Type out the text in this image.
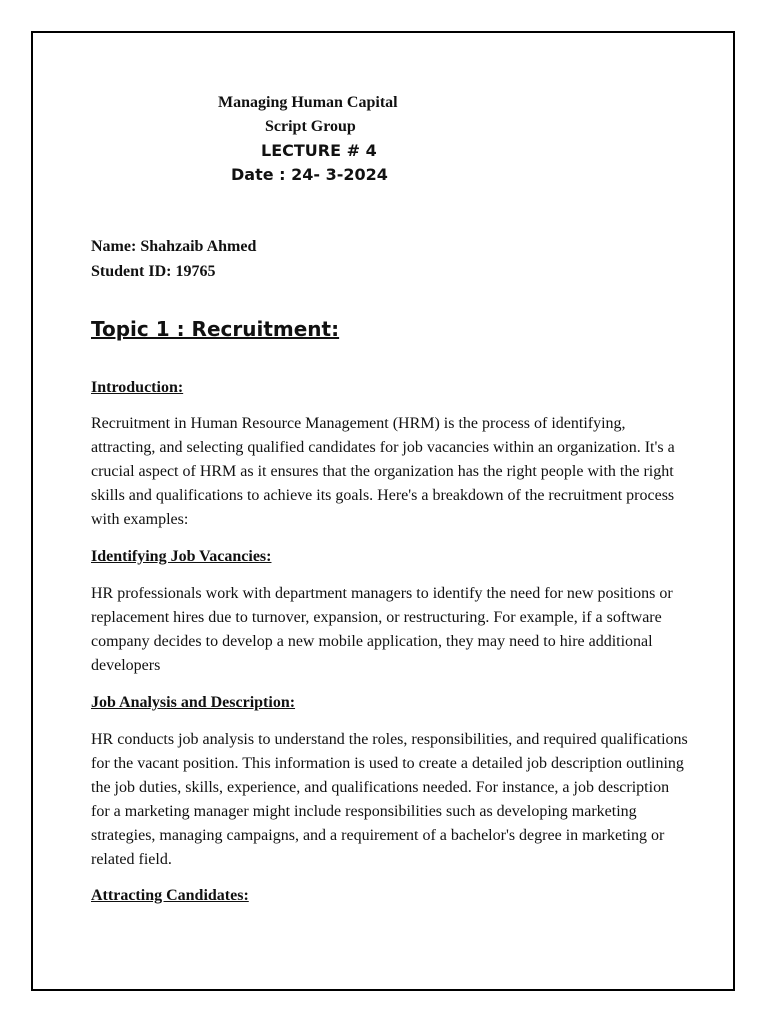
Managing Human Capital
Script Group
LECTURE # 4
Date : 24- 3-2024
Name: Shahzaib Ahmed
Student ID: 19765
Topic 1 : Recruitment:
Introduction:
Recruitment in Human Resource Management (HRM) is the process of identifying, attracting, and selecting qualified candidates for job vacancies within an organization. It's a crucial aspect of HRM as it ensures that the organization has the right people with the right skills and qualifications to achieve its goals. Here's a breakdown of the recruitment process with examples:
Identifying Job Vacancies:
HR professionals work with department managers to identify the need for new positions or replacement hires due to turnover, expansion, or restructuring. For example, if a software company decides to develop a new mobile application, they may need to hire additional developers
Job Analysis and Description:
HR conducts job analysis to understand the roles, responsibilities, and required qualifications for the vacant position. This information is used to create a detailed job description outlining the job duties, skills, experience, and qualifications needed. For instance, a job description for a marketing manager might include responsibilities such as developing marketing strategies, managing campaigns, and a requirement of a bachelor's degree in marketing or related field.
Attracting Candidates:
